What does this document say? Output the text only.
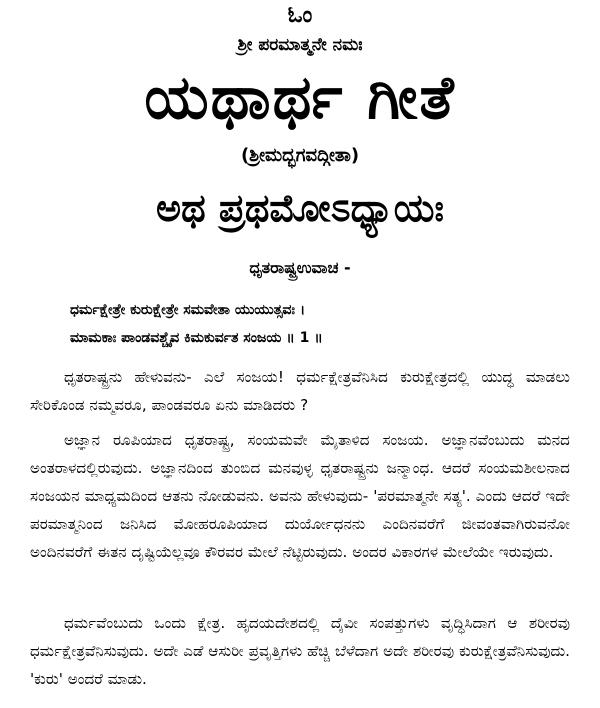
ಓಂ
ಶ್ರೀ ಪರಮಾತ್ಮನೇ ನಮಃ
ಯಥಾರ್ಥ ಗೀತೆ
(ಶ್ರೀಮದ್ಭಗವದ್ಗೀತಾ)
ಅಥ ಪ್ರಥಮೋಽಧ್ಯಾಯಃ
ಧೃತರಾಷ್ಟ್ರಉವಾಚ -
ಧರ್ಮಕ್ಷೇತ್ರೇ ಕುರುಕ್ಷೇತ್ರೇ ಸಮವೇತಾ ಯುಯುತ್ಸವಃ ।
ಮಾಮಕಾಃ ಪಾಂಡವಶ್ಚೈವ ಕಿಮಕುರ್ವತ ಸಂಜಯ ॥ 1 ॥
ಧೃತರಾಷ್ಟ್ರನು ಹೇಳುವನು- ಎಲೆ ಸಂಜಯ! ಧರ್ಮಕ್ಷೇತ್ರವೆನಿಸಿದ ಕುರುಕ್ಷೇತ್ರದಲ್ಲಿ ಯುದ್ಧ ಮಾಡಲು ಸೇರಿಕೊಂಡ ನಮ್ಮವರೂ, ಪಾಂಡವರೂ ಏನು ಮಾಡಿದರು ?
ಅಜ್ಞಾನ ರೂಪಿಯಾದ ಧೃತರಾಷ್ಟ್ರ, ಸಂಯಮವೇ ಮೈತಾಳಿದ ಸಂಜಯ. ಅಜ್ಞಾನವೆಂಬುದು ಮನದ ಅಂತರಾಳದಲ್ಲಿರುವುದು. ಅಜ್ಞಾನದಿಂದ ತುಂಬಿದ ಮನವುಳ್ಳ ಧೃತರಾಷ್ಟ್ರನು ಜನ್ಮಾಂಧ. ಆದರೆ ಸಂಯಮಶೀಲನಾದ ಸಂಜಯನ ಮಾಧ್ಯಮದಿಂದ ಆತನು ನೋಡುವನು. ಅವನು ಹೇಳುವುದು- 'ಪರಮಾತ್ಮನೇ ಸತ್ಯ'. ಎಂದು ಆದರೆ ಇದೇ ಪರಮಾತ್ಮನಿಂದ ಜನಿಸಿದ ಮೋಹರೂಪಿಯಾದ ದುರ್ಯೋಧನನು ಎಂದಿನವರೆಗೆ ಜೀವಂತವಾಗಿರುವನೋ ಅಂದಿನವರೆಗೆ ಈತನ ದೃಷ್ಟಿಯೆಲ್ಲವೂ ಕೌರವರ ಮೇಲೆ ನೆಟ್ಟಿರುವುದು. ಅಂದರ ವಿಕಾರಗಳ ಮೇಲೆಯೇ ಇರುವುದು.
ಧರ್ಮವೆಂಬುದು ಒಂದು ಕ್ಷೇತ್ರ. ಹೃದಯದೇಶದಲ್ಲಿ ದೈವೀ ಸಂಪತ್ತುಗಳು ವೃದ್ಧಿಸಿದಾಗ ಆ ಶರೀರವು ಧರ್ಮಕ್ಷೇತ್ರವೆನಿಸುವುದು. ಅದೇ ಎಡೆ ಆಸುರೀ ಪ್ರವೃತ್ತಿಗಳು ಹೆಚ್ಚಿ ಬೆಳೆದಾಗ ಅದೇ ಶರೀರವು ಕುರುಕ್ಷೇತ್ರವೆನಿಸುವುದು. 'ಕುರು' ಅಂದರೆ ಮಾಡು.
